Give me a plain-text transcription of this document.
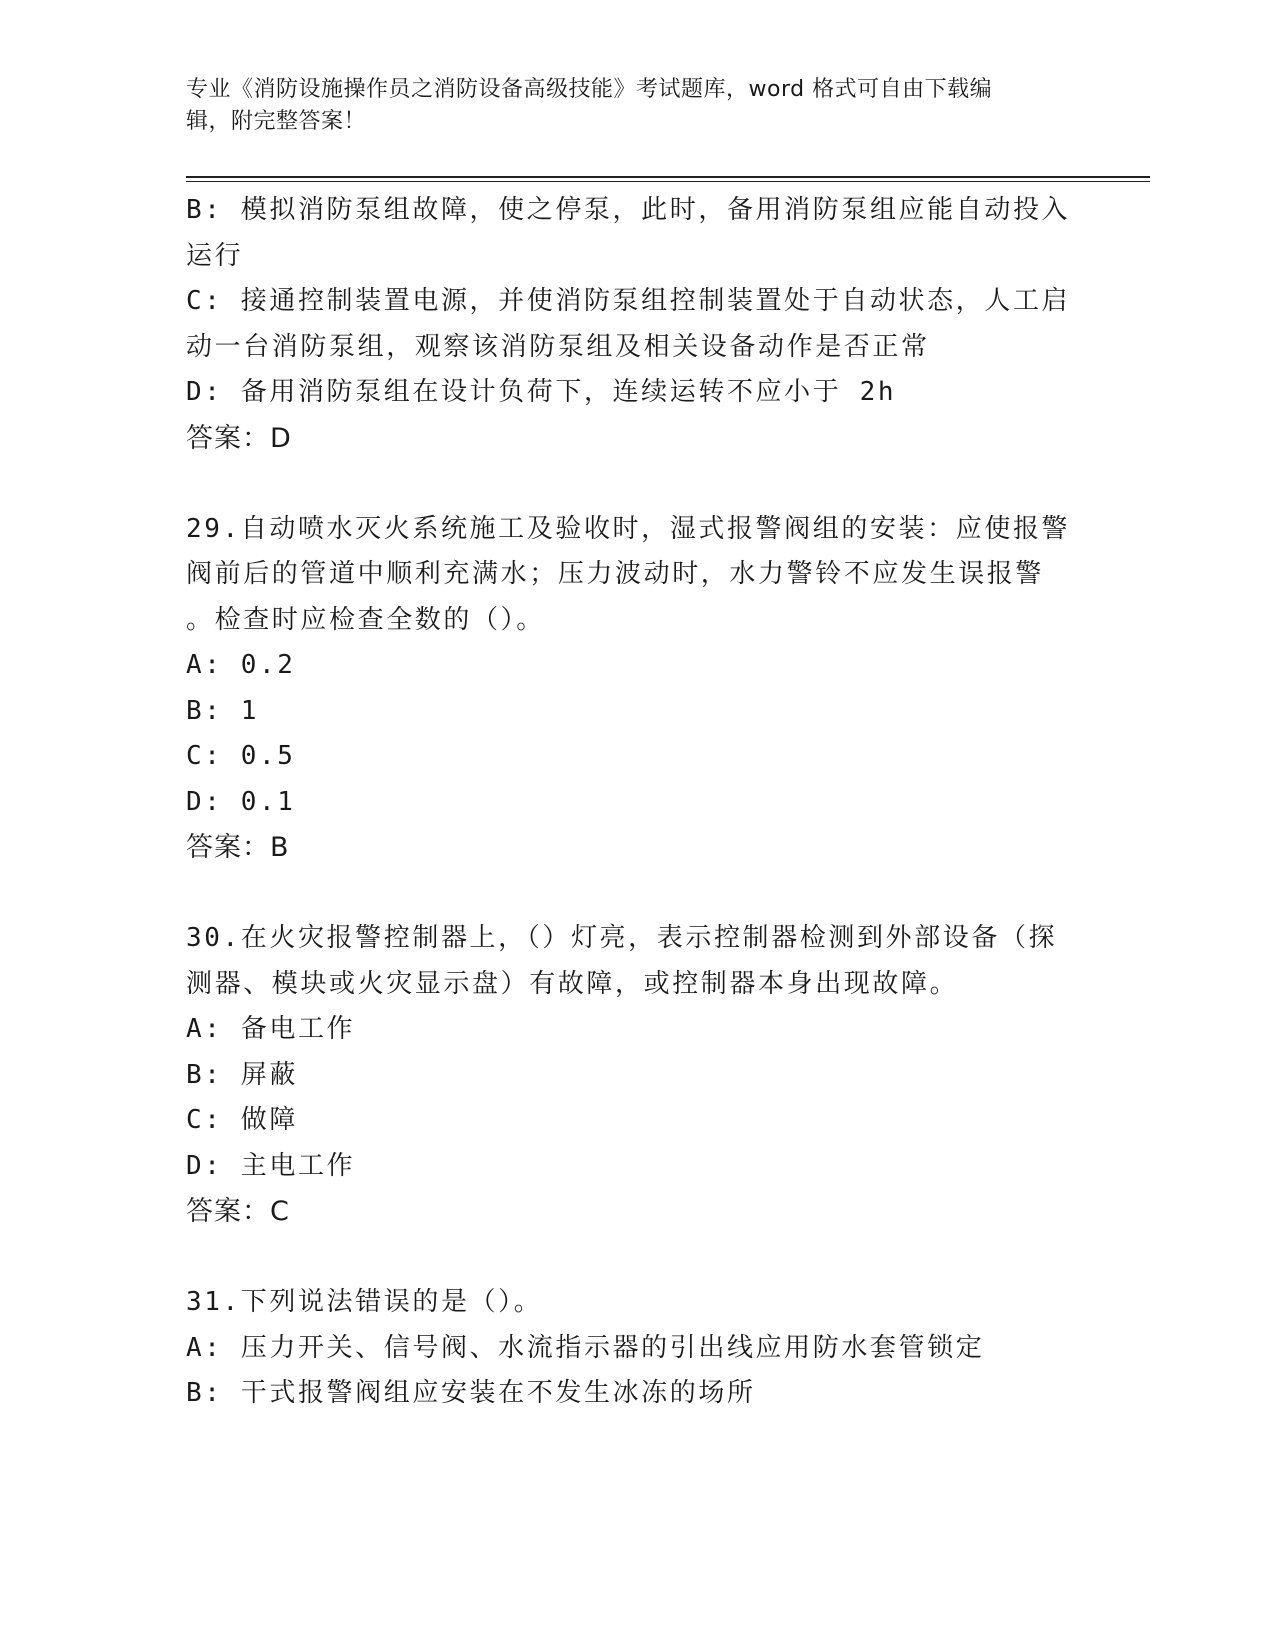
专业《消防设施操作员之消防设备高级技能》考试题库，word 格式可自由下载编
辑，附完整答案！
B: 模拟消防泵组故障，使之停泵，此时，备用消防泵组应能自动投入
运行
C: 接通控制装置电源，并使消防泵组控制装置处于自动状态，人工启
动一台消防泵组，观察该消防泵组及相关设备动作是否正常
D: 备用消防泵组在设计负荷下，连续运转不应小于 2h
答案：D
29.自动喷水灭火系统施工及验收时，湿式报警阀组的安装：应使报警
阀前后的管道中顺利充满水；压力波动时，水力警铃不应发生误报警
。检查时应检查全数的（）。
A: 0.2
B: 1
C: 0.5
D: 0.1
答案：B
30.在火灾报警控制器上，（）灯亮，表示控制器检测到外部设备（探
测器、模块或火灾显示盘）有故障，或控制器本身出现故障。
A: 备电工作
B: 屏蔽
C: 做障
D: 主电工作
答案：C
31.下列说法错误的是（）。
A: 压力开关、信号阀、水流指示器的引出线应用防水套管锁定
B: 干式报警阀组应安装在不发生冰冻的场所
